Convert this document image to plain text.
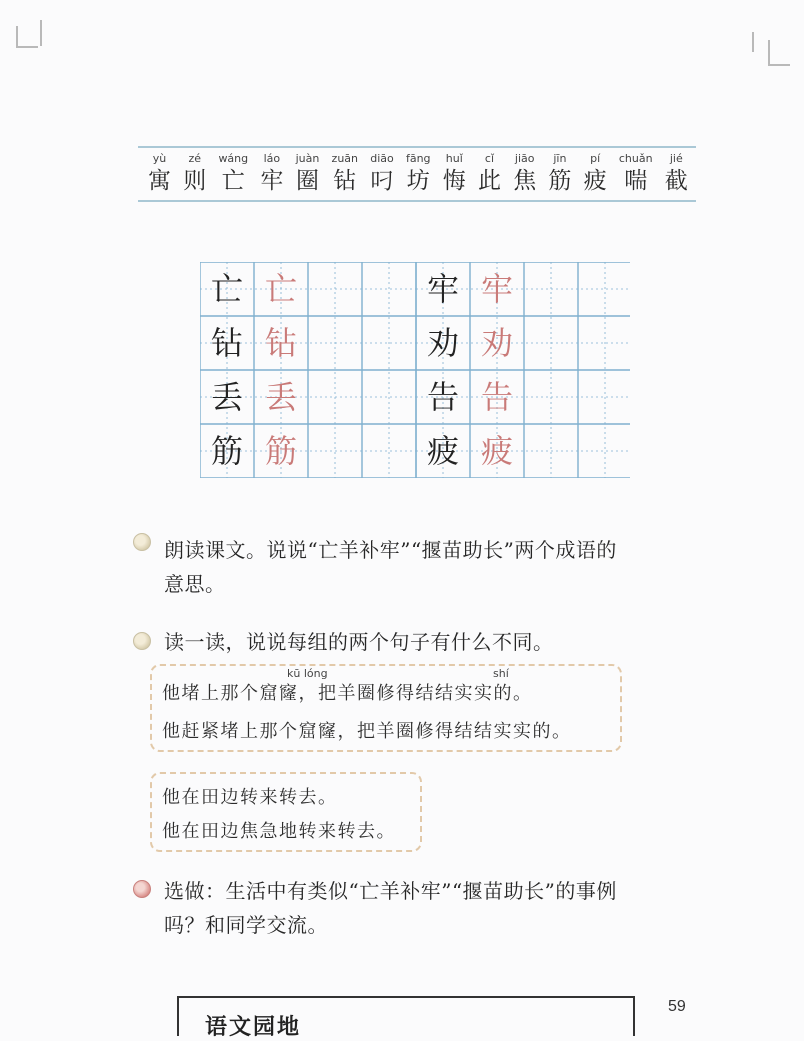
yù
寓
zé
则
wáng
亡
láo
牢
juàn
圈
zuān
钻
diāo
叼
fāng
坊
huǐ
悔
cǐ
此
jiāo
焦
jīn
筋
pí
疲
chuǎn
喘
jié
截
亡 亡
钻 钻
丢 丢
筋 筋
牢 牢
劝 劝
告 告
疲 疲
朗读课文。说说“亡羊补牢”“揠苗助长”两个成语的
意思。
读一读，说说每组的两个句子有什么不同。
kū lóng	shí
他堵上那个窟窿，把羊圈修得结结实实的。
他赶紧堵上那个窟窿，把羊圈修得结结实实的。
他在田边转来转去。
他在田边焦急地转来转去。
选做：生活中有类似“亡羊补牢”“揠苗助长”的事例
吗？和同学交流。
语文园地
59
